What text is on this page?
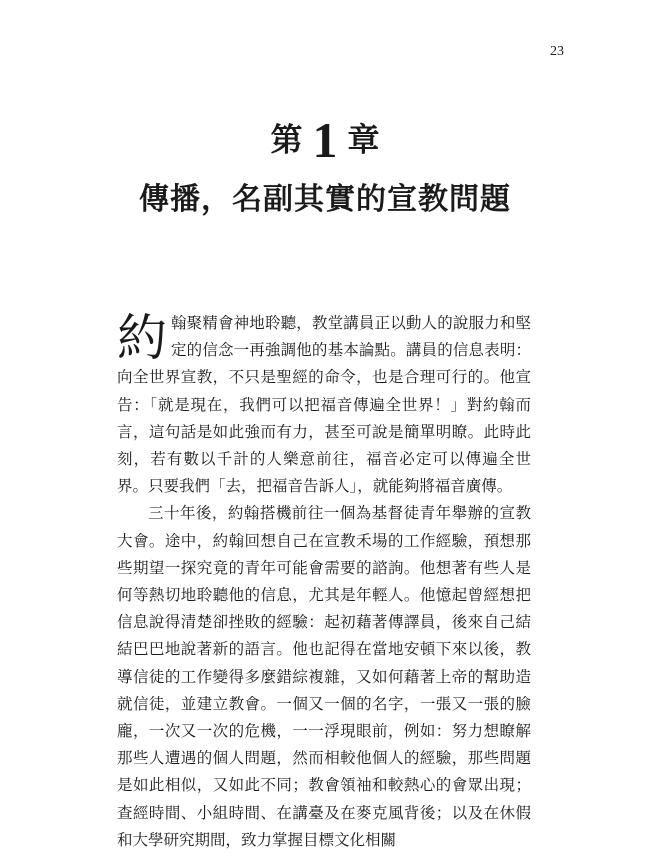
23
第 1 章
傳播，名副其實的宣教問題

約翰聚精會神地聆聽，教堂講員正以動人的說服力和堅定的信念一再強調他的基本論點。講員的信息表明：向全世界宣教，不只是聖經的命令，也是合理可行的。他宣告：「就是現在，我們可以把福音傳遍全世界！」對約翰而言，這句話是如此強而有力，甚至可說是簡單明瞭。此時此刻，若有數以千計的人樂意前往，福音必定可以傳遍全世界。只要我們「去，把福音告訴人」，就能夠將福音廣傳。

三十年後，約翰搭機前往一個為基督徒青年舉辦的宣教大會。途中，約翰回想自己在宣教禾場的工作經驗，預想那些期望一探究竟的青年可能會需要的諮詢。他想著有些人是何等熱切地聆聽他的信息，尤其是年輕人。他憶起曾經想把信息說得清楚卻挫敗的經驗：起初藉著傳譯員，後來自己結結巴巴地說著新的語言。他也記得在當地安頓下來以後，教導信徒的工作變得多麼錯綜複雜，又如何藉著上帝的幫助造就信徒，並建立教會。一個又一個的名字，一張又一張的臉龐，一次又一次的危機，一一浮現眼前，例如：努力想瞭解那些人遭遇的個人問題，然而相較他個人的經驗，那些問題是如此相似，又如此不同；教會領袖和較熱心的會眾出現；查經時間、小組時間、在講臺及在麥克風背後；以及在休假和大學研究期間，致力掌握目標文化相關
